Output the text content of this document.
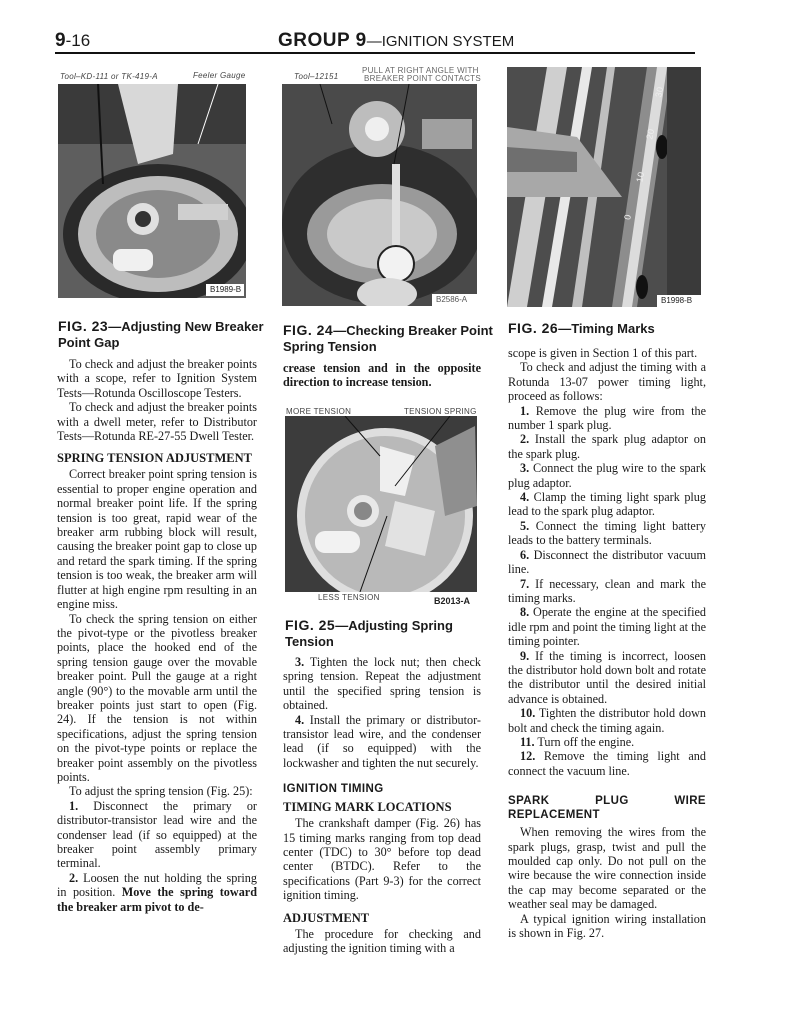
9-16	GROUP 9—IGNITION SYSTEM
Tool–KD-111 or TK-419-A	Feeler Gauge
B1989-B
FIG. 23—Adjusting New Breaker Point Gap
Tool–12151
PULL AT RIGHT ANGLE WITH
BREAKER POINT CONTACTS
B2586-A
FIG. 24—Checking Breaker Point Spring Tension
30
20
10
0
B1998-B
FIG. 26—Timing Marks
MORE TENSION	TENSION SPRING
LESS TENSION	B2013-A
FIG. 25—Adjusting Spring Tension

To check and adjust the breaker points with a scope, refer to Ignition System Tests—Rotunda Oscilloscope Testers.

To check and adjust the breaker points with a dwell meter, refer to Distributor Tests—Rotunda RE-27-55 Dwell Tester.

SPRING TENSION ADJUSTMENT

Correct breaker point spring tension is essential to proper engine operation and normal breaker point life. If the spring tension is too great, rapid wear of the breaker arm rubbing block will result, causing the breaker point gap to close up and retard the spark timing. If the spring tension is too weak, the breaker arm will flutter at high engine rpm resulting in an engine miss.

To check the spring tension on either the pivot-type or the pivotless breaker points, place the hooked end of the spring tension gauge over the movable breaker point. Pull the gauge at a right angle (90°) to the movable arm until the breaker points just start to open (Fig. 24). If the tension is not within specifications, adjust the spring tension on the pivot-type points or replace the breaker point assembly on the pivotless points.

To adjust the spring tension (Fig. 25):

1. Disconnect the primary or distributor-transistor lead wire and the condenser lead (if so equipped) at the breaker point assembly primary terminal.

2. Loosen the nut holding the spring in position. Move the spring toward the breaker arm pivot to de-

crease tension and in the opposite direction to increase tension.

3. Tighten the lock nut; then check spring tension. Repeat the adjustment until the specified spring tension is obtained.

4. Install the primary or distributor-transistor lead wire, and the condenser lead (if so equipped) with the lockwasher and tighten the nut securely.

IGNITION TIMING
TIMING MARK LOCATIONS

The crankshaft damper (Fig. 26) has 15 timing marks ranging from top dead center (TDC) to 30° before top dead center (BTDC). Refer to the specifications (Part 9-3) for the correct ignition timing.

ADJUSTMENT

The procedure for checking and adjusting the ignition timing with a

scope is given in Section 1 of this part.

To check and adjust the timing with a Rotunda 13-07 power timing light, proceed as follows:

1. Remove the plug wire from the number 1 spark plug.

2. Install the spark plug adaptor on the spark plug.

3. Connect the plug wire to the spark plug adaptor.

4. Clamp the timing light spark plug lead to the spark plug adaptor.

5. Connect the timing light battery leads to the battery terminals.

6. Disconnect the distributor vacuum line.

7. If necessary, clean and mark the timing marks.

8. Operate the engine at the specified idle rpm and point the timing light at the timing pointer.

9. If the timing is incorrect, loosen the distributor hold down bolt and rotate the distributor until the desired initial advance is obtained.

10. Tighten the distributor hold down bolt and check the timing again.

11. Turn off the engine.

12. Remove the timing light and connect the vacuum line.

SPARK PLUG WIRE REPLACEMENT

When removing the wires from the spark plugs, grasp, twist and pull the moulded cap only. Do not pull on the wire because the wire connection inside the cap may become separated or the weather seal may be damaged.

A typical ignition wiring installation is shown in Fig. 27.
